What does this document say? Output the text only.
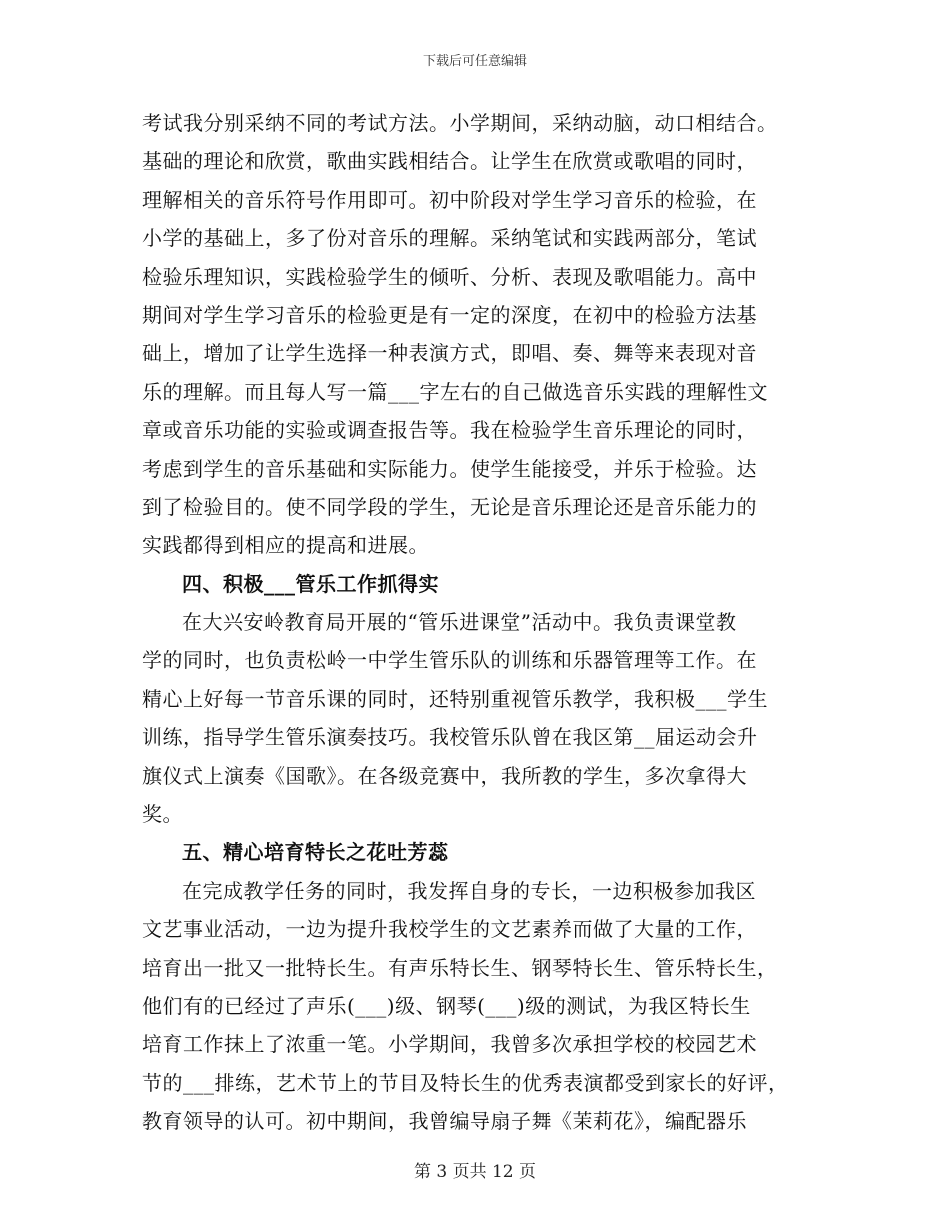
下载后可任意编辑
考试我分别采纳不同的考试方法。小学期间，采纳动脑，动口相结合。
基础的理论和欣赏，歌曲实践相结合。让学生在欣赏或歌唱的同时，
理解相关的音乐符号作用即可。初中阶段对学生学习音乐的检验，在
小学的基础上，多了份对音乐的理解。采纳笔试和实践两部分，笔试
检验乐理知识，实践检验学生的倾听、分析、表现及歌唱能力。高中
期间对学生学习音乐的检验更是有一定的深度，在初中的检验方法基
础上，增加了让学生选择一种表演方式，即唱、奏、舞等来表现对音
乐的理解。而且每人写一篇___字左右的自己做选音乐实践的理解性文
章或音乐功能的实验或调查报告等。我在检验学生音乐理论的同时，
考虑到学生的音乐基础和实际能力。使学生能接受，并乐于检验。达
到了检验目的。使不同学段的学生，无论是音乐理论还是音乐能力的
实践都得到相应的提高和进展。
四、积极___管乐工作抓得实
在大兴安岭教育局开展的“管乐进课堂”活动中。我负责课堂教
学的同时，也负责松岭一中学生管乐队的训练和乐器管理等工作。在
精心上好每一节音乐课的同时，还特别重视管乐教学，我积极___学生
训练，指导学生管乐演奏技巧。我校管乐队曾在我区第__届运动会升
旗仪式上演奏《国歌》。在各级竞赛中，我所教的学生，多次拿得大
奖。
五、精心培育特长之花吐芳蕊
在完成教学任务的同时，我发挥自身的专长，一边积极参加我区
文艺事业活动，一边为提升我校学生的文艺素养而做了大量的工作，
培育出一批又一批特长生。有声乐特长生、钢琴特长生、管乐特长生，
他们有的已经过了声乐(___)级、钢琴(___)级的测试，为我区特长生
培育工作抹上了浓重一笔。小学期间，我曾多次承担学校的校园艺术
节的___排练，艺术节上的节目及特长生的优秀表演都受到家长的好评，
教育领导的认可。初中期间，我曾编导扇子舞《茉莉花》，编配器乐
第 3 页共 12 页
